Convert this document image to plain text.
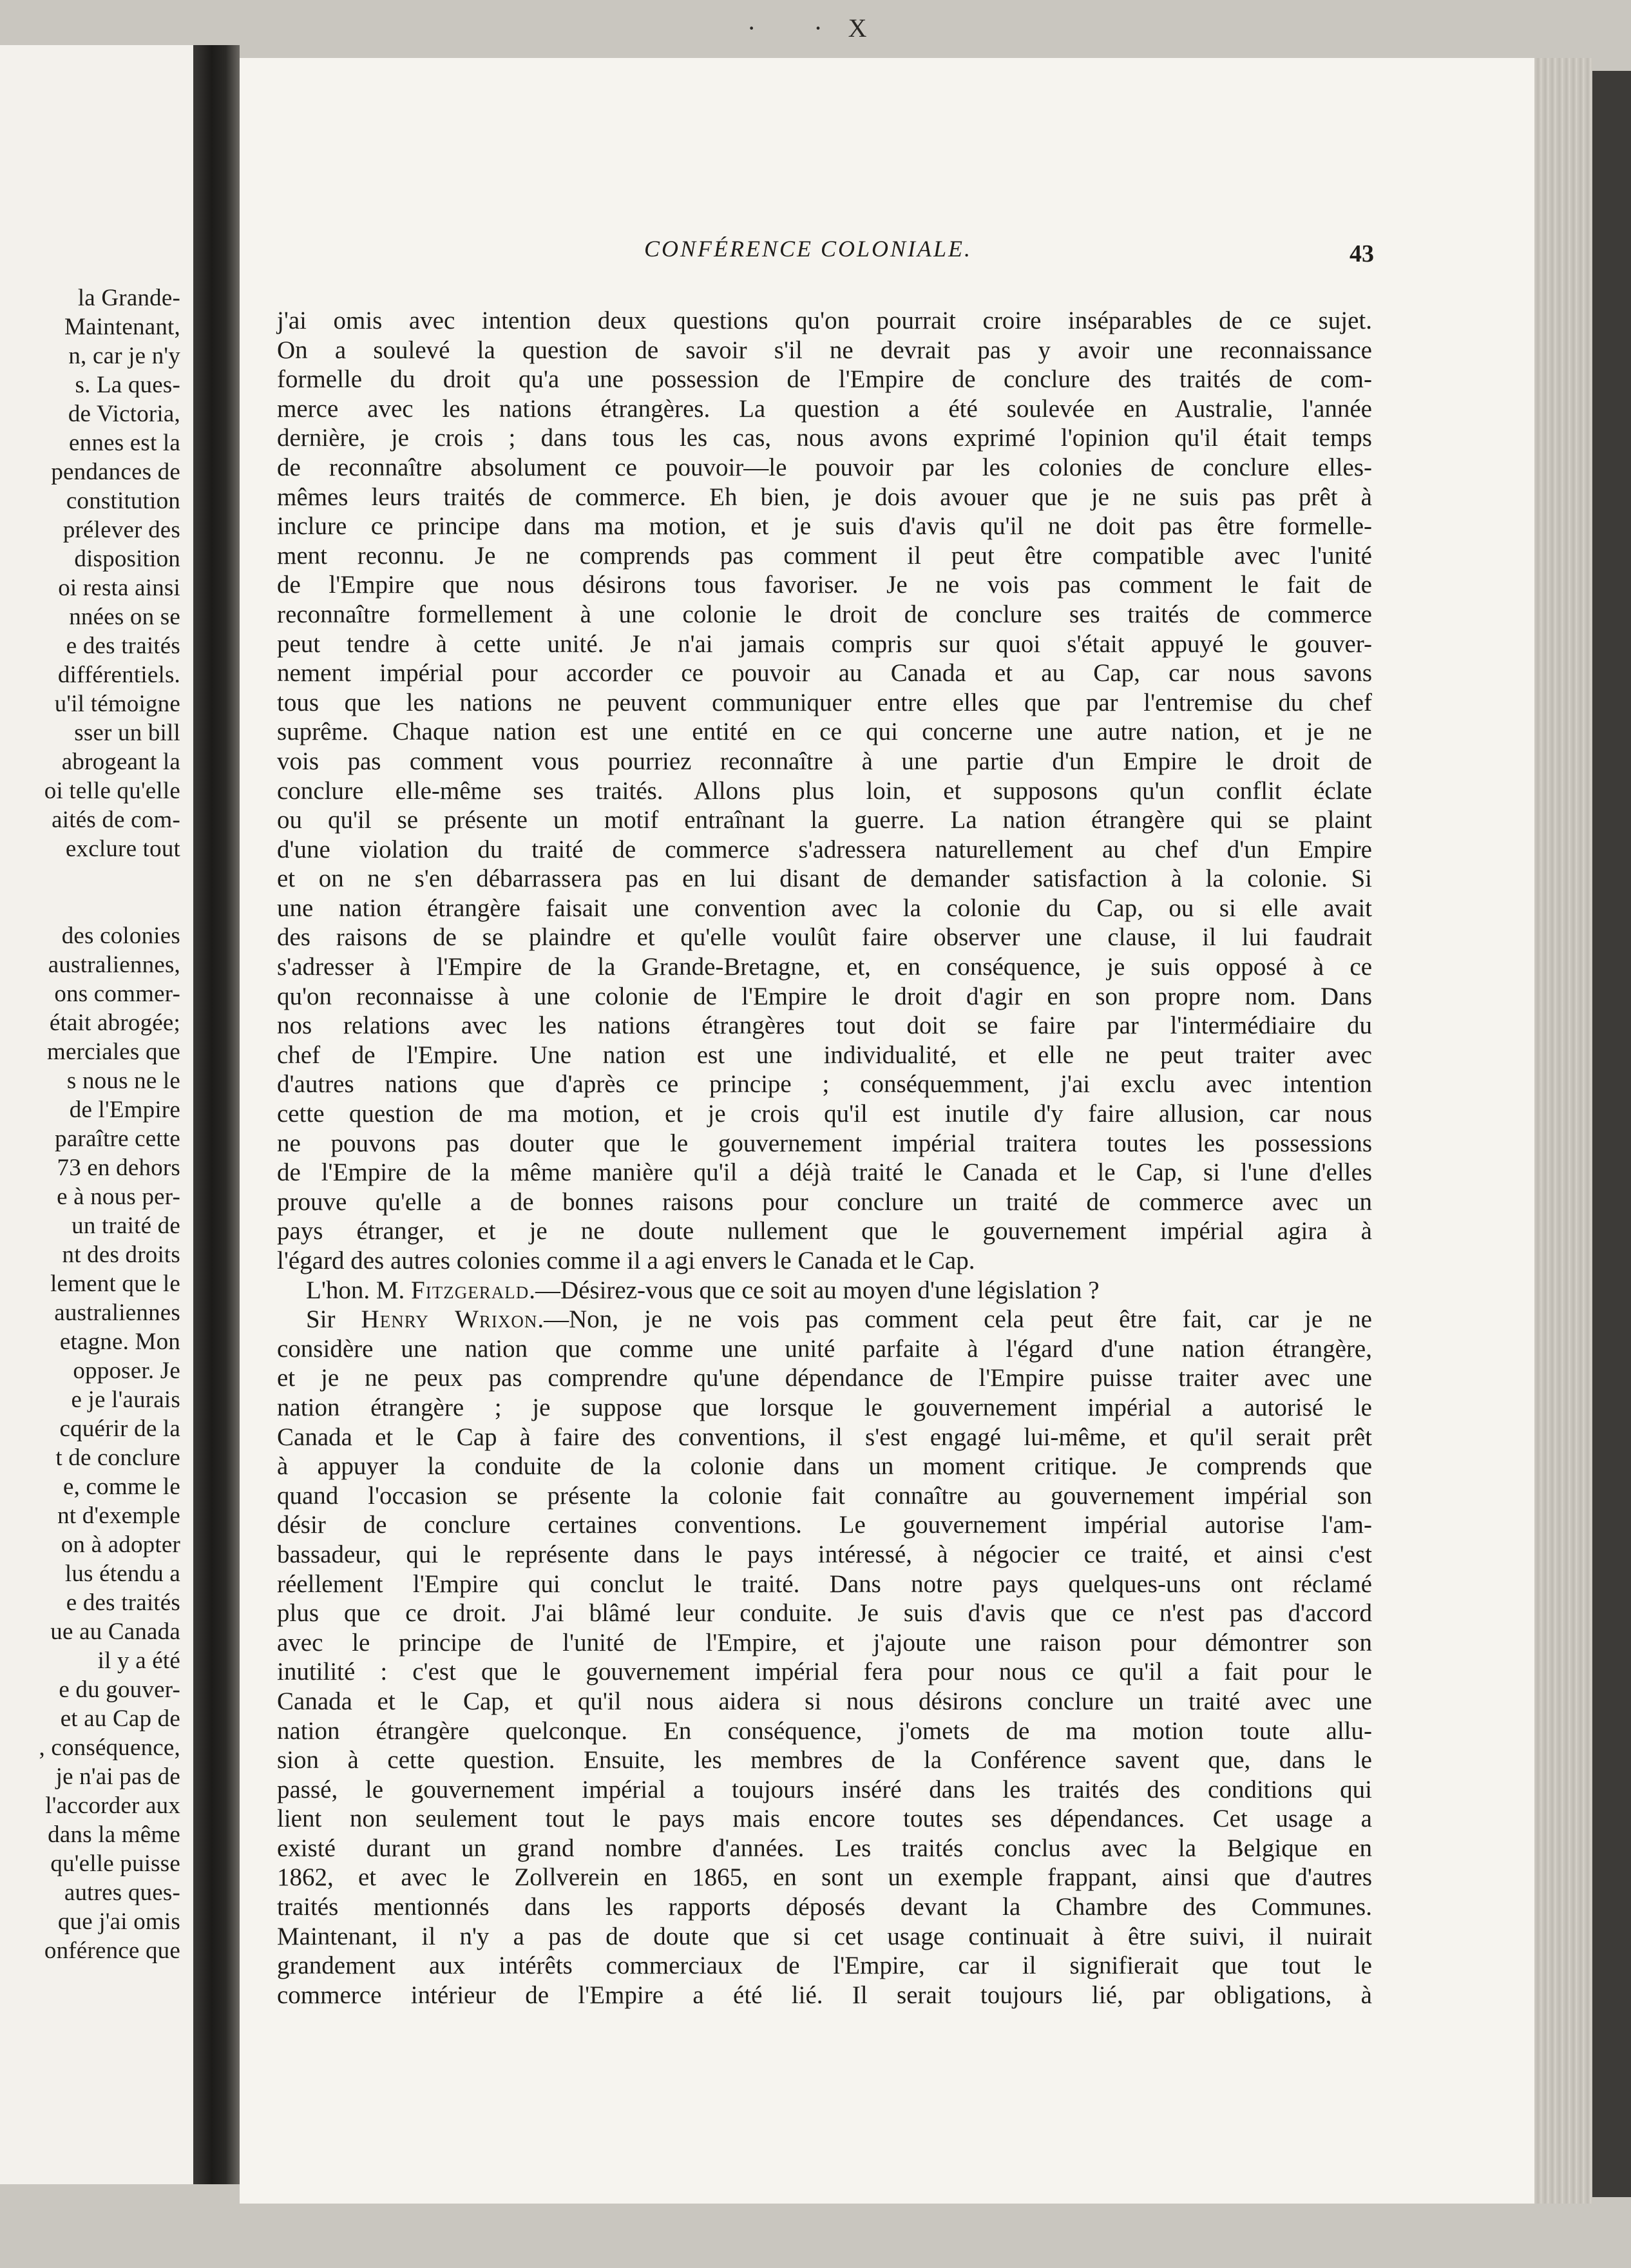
la Grande-
Maintenant,
n, car je n'y
s. La ques-
de Victoria,
ennes est la
pendances de
constitution
prélever des
disposition
oi resta ainsi
nnées on se
e des traités
différentiels.
u'il témoigne
sser un bill
abrogeant la
oi telle qu'elle
aités de com-
exclure tout
des colonies
australiennes,
ons commer-
était abrogée;
merciales que
s nous ne le
de l'Empire
paraître cette
73 en dehors
e à nous per-
un traité de
nt des droits
lement que le
australiennes
etagne. Mon
opposer. Je
e je l'aurais
cquérir de la
t de conclure
e, comme le
nt d'exemple
on à adopter
lus étendu a
e des traités
ue au Canada
il y a été
e du gouver-
et au Cap de
, conséquence,
je n'ai pas de
l'accorder aux
dans la même
qu'elle puisse
autres ques-
que j'ai omis
onférence que
· ·X
CONFÉRENCE COLONIALE.	43
j'ai omis avec intention deux questions qu'on pourrait croire inséparables de ce sujet.
On a soulevé la question de savoir s'il ne devrait pas y avoir une reconnaissance
formelle du droit qu'a une possession de l'Empire de conclure des traités de com-
merce avec les nations étrangères. La question a été soulevée en Australie, l'année
dernière, je crois ; dans tous les cas, nous avons exprimé l'opinion qu'il était temps
de reconnaître absolument ce pouvoir—le pouvoir par les colonies de conclure elles-
mêmes leurs traités de commerce. Eh bien, je dois avouer que je ne suis pas prêt à
inclure ce principe dans ma motion, et je suis d'avis qu'il ne doit pas être formelle-
ment reconnu. Je ne comprends pas comment il peut être compatible avec l'unité
de l'Empire que nous désirons tous favoriser. Je ne vois pas comment le fait de
reconnaître formellement à une colonie le droit de conclure ses traités de commerce
peut tendre à cette unité. Je n'ai jamais compris sur quoi s'était appuyé le gouver-
nement impérial pour accorder ce pouvoir au Canada et au Cap, car nous savons
tous que les nations ne peuvent communiquer entre elles que par l'entremise du chef
suprême. Chaque nation est une entité en ce qui concerne une autre nation, et je ne
vois pas comment vous pourriez reconnaître à une partie d'un Empire le droit de
conclure elle-même ses traités. Allons plus loin, et supposons qu'un conflit éclate
ou qu'il se présente un motif entraînant la guerre. La nation étrangère qui se plaint
d'une violation du traité de commerce s'adressera naturellement au chef d'un Empire
et on ne s'en débarrassera pas en lui disant de demander satisfaction à la colonie. Si
une nation étrangère faisait une convention avec la colonie du Cap, ou si elle avait
des raisons de se plaindre et qu'elle voulût faire observer une clause, il lui faudrait
s'adresser à l'Empire de la Grande-Bretagne, et, en conséquence, je suis opposé à ce
qu'on reconnaisse à une colonie de l'Empire le droit d'agir en son propre nom. Dans
nos relations avec les nations étrangères tout doit se faire par l'intermédiaire du
chef de l'Empire. Une nation est une individualité, et elle ne peut traiter avec
d'autres nations que d'après ce principe ; conséquemment, j'ai exclu avec intention
cette question de ma motion, et je crois qu'il est inutile d'y faire allusion, car nous
ne pouvons pas douter que le gouvernement impérial traitera toutes les possessions
de l'Empire de la même manière qu'il a déjà traité le Canada et le Cap, si l'une d'elles
prouve qu'elle a de bonnes raisons pour conclure un traité de commerce avec un
pays étranger, et je ne doute nullement que le gouvernement impérial agira à
l'égard des autres colonies comme il a agi envers le Canada et le Cap.
L'hon. M. Fitzgerald.—Désirez-vous que ce soit au moyen d'une législation ?
Sir Henry Wrixon.—Non, je ne vois pas comment cela peut être fait, car je ne
considère une nation que comme une unité parfaite à l'égard d'une nation étrangère,
et je ne peux pas comprendre qu'une dépendance de l'Empire puisse traiter avec une
nation étrangère ; je suppose que lorsque le gouvernement impérial a autorisé le
Canada et le Cap à faire des conventions, il s'est engagé lui-même, et qu'il serait prêt
à appuyer la conduite de la colonie dans un moment critique. Je comprends que
quand l'occasion se présente la colonie fait connaître au gouvernement impérial son
désir de conclure certaines conventions. Le gouvernement impérial autorise l'am-
bassadeur, qui le représente dans le pays intéressé, à négocier ce traité, et ainsi c'est
réellement l'Empire qui conclut le traité. Dans notre pays quelques-uns ont réclamé
plus que ce droit. J'ai blâmé leur conduite. Je suis d'avis que ce n'est pas d'accord
avec le principe de l'unité de l'Empire, et j'ajoute une raison pour démontrer son
inutilité : c'est que le gouvernement impérial fera pour nous ce qu'il a fait pour le
Canada et le Cap, et qu'il nous aidera si nous désirons conclure un traité avec une
nation étrangère quelconque. En conséquence, j'omets de ma motion toute allu-
sion à cette question. Ensuite, les membres de la Conférence savent que, dans le
passé, le gouvernement impérial a toujours inséré dans les traités des conditions qui
lient non seulement tout le pays mais encore toutes ses dépendances. Cet usage a
existé durant un grand nombre d'années. Les traités conclus avec la Belgique en
1862, et avec le Zollverein en 1865, en sont un exemple frappant, ainsi que d'autres
traités mentionnés dans les rapports déposés devant la Chambre des Communes.
Maintenant, il n'y a pas de doute que si cet usage continuait à être suivi, il nuirait
grandement aux intérêts commerciaux de l'Empire, car il signifierait que tout le
commerce intérieur de l'Empire a été lié. Il serait toujours lié, par obligations, à
